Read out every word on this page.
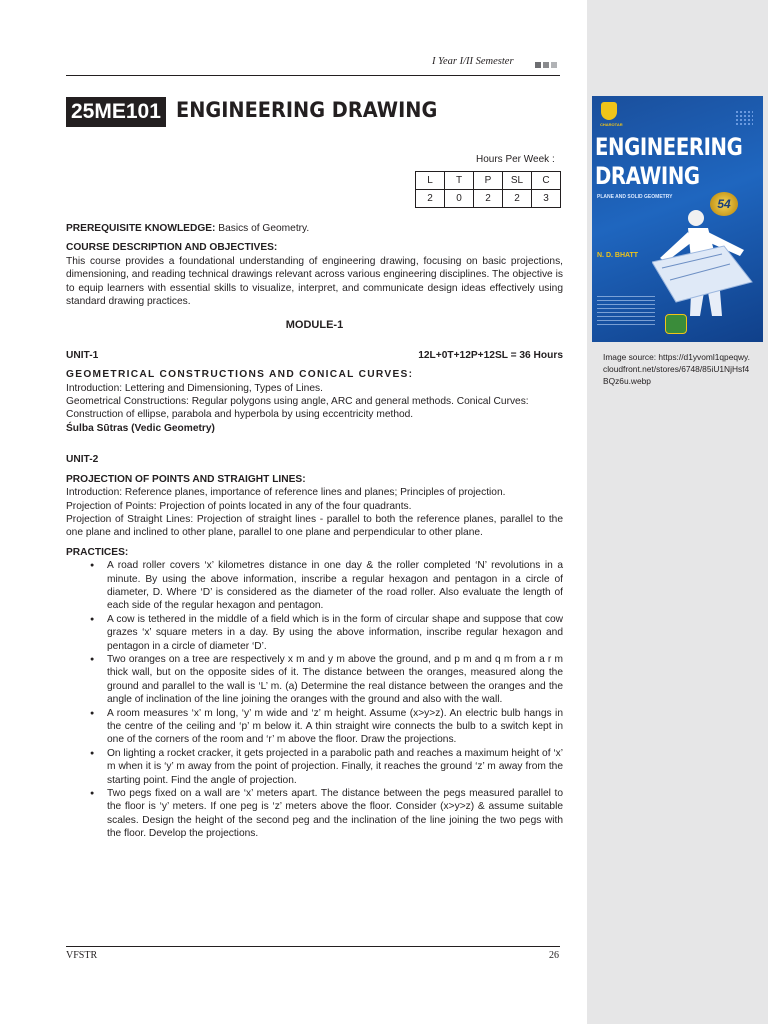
CHAROTAR
ENGINEERING
DRAWING
PLANE AND SOLID GEOMETRY	54
N. D. BHATT
Image source: https://d1yvoml1qpeqwy.cloudfront.net/stores/6748/85iU1NjHsf4BQz6u.webp
I Year I/II Semester
25ME101 ENGINEERING DRAWING
Hours Per Week :
L	T	P	SL	C
2	0	2	2	3

PREREQUISITE KNOWLEDGE: Basics of Geometry.

COURSE DESCRIPTION AND OBJECTIVES:

This course provides a foundational understanding of engineering drawing, focusing on basic projections, dimensioning, and reading technical drawings relevant across various engineering disciplines. The objective is to equip learners with essential skills to visualize, interpret, and communicate design ideas effectively using standard drawing practices.

MODULE-1

UNIT-1	12L+0T+12P+12SL = 36 Hours

GEOMETRICAL CONSTRUCTIONS AND CONICAL CURVES:

Introduction: Lettering and Dimensioning, Types of Lines.

Geometrical Constructions: Regular polygons using angle, ARC and general methods. Conical Curves: Construction of ellipse, parabola and hyperbola by using eccentricity method.

Śulba Sūtras (Vedic Geometry)

UNIT-2

PROJECTION OF POINTS AND STRAIGHT LINES:

Introduction: Reference planes, importance of reference lines and planes; Principles of projection.

Projection of Points: Projection of points located in any of the four quadrants.

Projection of Straight Lines: Projection of straight lines - parallel to both the reference planes, parallel to the one plane and inclined to other plane, parallel to one plane and perpendicular to other plane.

PRACTICES:

● A road roller covers ‘x’ kilometres distance in one day & the roller completed ‘N’ revolutions in a minute. By using the above information, inscribe a regular hexagon and pentagon in a circle of diameter, D. Where ‘D’ is considered as the diameter of the road roller. Also evaluate the length of each side of the regular hexagon and pentagon.
● A cow is tethered in the middle of a field which is in the form of circular shape and suppose that cow grazes ‘x’ square meters in a day. By using the above information, inscribe regular hexagon and pentagon in a circle of diameter ‘D’.
● Two oranges on a tree are respectively x m and y m above the ground, and p m and q m from a r m thick wall, but on the opposite sides of it. The distance between the oranges, measured along the ground and parallel to the wall is ‘L’ m. (a) Determine the real distance between the oranges and the angle of inclination of the line joining the oranges with the ground and also with the wall.
● A room measures ‘x’ m long, ‘y’ m wide and ‘z’ m height. Assume (x>y>z). An electric bulb hangs in the centre of the ceiling and ‘p’ m below it. A thin straight wire connects the bulb to a switch kept in one of the corners of the room and ‘r’ m above the floor. Draw the projections.
● On lighting a rocket cracker, it gets projected in a parabolic path and reaches a maximum height of ‘x’ m when it is ‘y’ m away from the point of projection. Finally, it reaches the ground ‘z’ m away from the starting point. Find the angle of projection.
● Two pegs fixed on a wall are ‘x’ meters apart. The distance between the pegs measured parallel to the floor is ‘y’ meters. If one peg is ‘z’ meters above the floor. Consider (x>y>z) & assume suitable scales. Design the height of the second peg and the inclination of the line joining the two pegs with the floor. Develop the projections.
VFSTR	26
